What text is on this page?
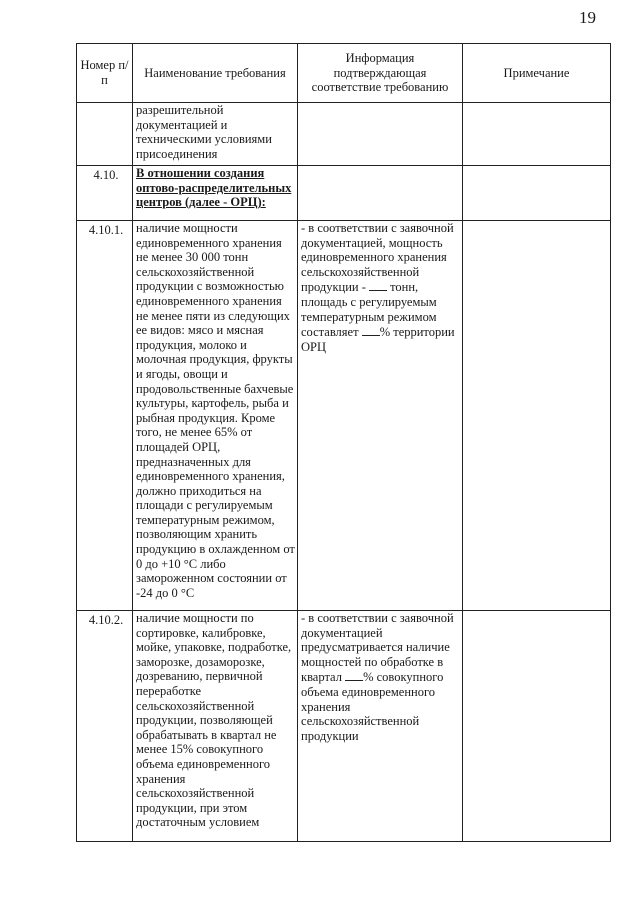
19
Номер п/п	Наименование требования	Информация подтверждающая соответствие требованию	Примечание
	разрешительной документацией и техническими условиями присоединения		
4.10.	В отношении создания оптово-распределительных центров (далее - ОРЦ):		
4.10.1.	наличие мощности единовременного хранения не менее 30 000 тонн сельскохозяйственной продукции с возможностью единовременного хранения не менее пяти из следующих ее видов: мясо и мясная продукция, молоко и молочная продукция, фрукты и ягоды, овощи и продовольственные бахчевые культуры, картофель, рыба и рыбная продукция. Кроме того, не менее 65% от площадей ОРЦ, предназначенных для единовременного хранения, должно приходиться на площади с регулируемым температурным режимом, позволяющим хранить продукцию в охлажденном от 0 до +10 °С либо замороженном состоянии от -24 до 0 °С	- в соответствии с заявочной документацией, мощность единовременного хранения сельскохозяйственной продукции - тонн, площадь с регулируемым температурным режимом составляет % территории ОРЦ	
4.10.2.	наличие мощности по сортировке, калибровке, мойке, упаковке, подработке, заморозке, дозаморозке, дозреванию, первичной переработке сельскохозяйственной продукции, позволяющей обрабатывать в квартал не менее 15% совокупного объема единовременного хранения сельскохозяйственной продукции, при этом достаточным условием	- в соответствии с заявочной документацией предусматривается наличие мощностей по обработке в квартал % совокупного объема единовременного хранения сельскохозяйственной продукции	
